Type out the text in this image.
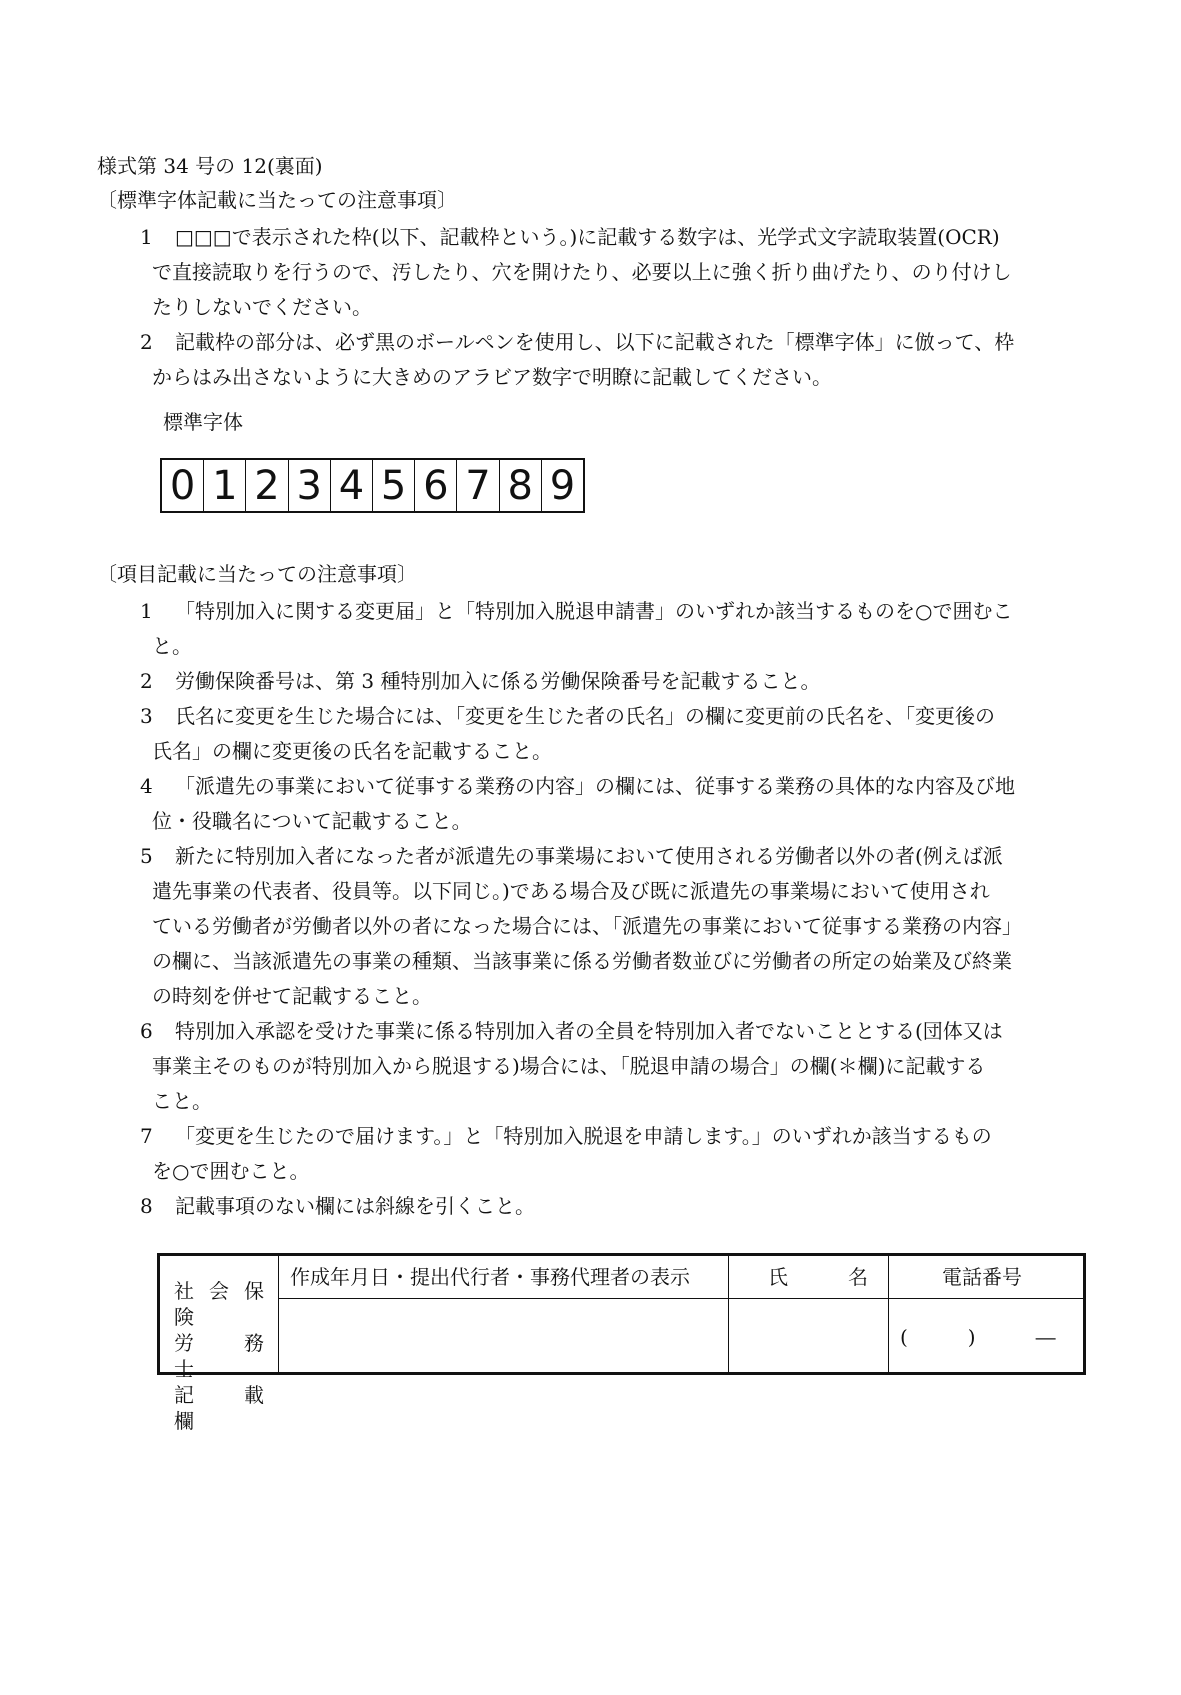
様式第 34 号の 12(裏面)
〔標準字体記載に当たっての注意事項〕
1 □□□で表示された枠(以下、記載枠という。)に記載する数字は、光学式文字読取装置(OCR)
で直接読取りを行うので、汚したり、穴を開けたり、必要以上に強く折り曲げたり、のり付けし
たりしないでください。
2 記載枠の部分は、必ず黒のボールペンを使用し、以下に記載された「標準字体」に倣って、枠
からはみ出さないように大きめのアラビア数字で明瞭に記載してください。
標準字体
0 1 2 3 4 5 6 7 8 9
〔項目記載に当たっての注意事項〕
1 「特別加入に関する変更届」と「特別加入脱退申請書」のいずれか該当するものを○で囲むこ
と。
2 労働保険番号は、第 3 種特別加入に係る労働保険番号を記載すること。
3 氏名に変更を生じた場合には、「変更を生じた者の氏名」の欄に変更前の氏名を、「変更後の
氏名」の欄に変更後の氏名を記載すること。
4 「派遣先の事業において従事する業務の内容」の欄には、従事する業務の具体的な内容及び地
位・役職名について記載すること。
5 新たに特別加入者になった者が派遣先の事業場において使用される労働者以外の者(例えば派
遣先事業の代表者、役員等。以下同じ。)である場合及び既に派遣先の事業場において使用され
ている労働者が労働者以外の者になった場合には、「派遣先の事業において従事する業務の内容」
の欄に、当該派遣先の事業の種類、当該事業に係る労働者数並びに労働者の所定の始業及び終業
の時刻を併せて記載すること。
6 特別加入承認を受けた事業に係る特別加入者の全員を特別加入者でないこととする(団体又は
事業主そのものが特別加入から脱退する)場合には、「脱退申請の場合」の欄(＊欄)に記載する
こと。
7 「変更を生じたので届けます。」と「特別加入脱退を申請します。」のいずれか該当するもの
を○で囲むこと。
8 記載事項のない欄には斜線を引くこと。
社 会 保 険
労　務　士
記　載　欄
作成年月日・提出代行者・事務代理者の表示	氏　　　名	電話番号
(　　　)　　　―
